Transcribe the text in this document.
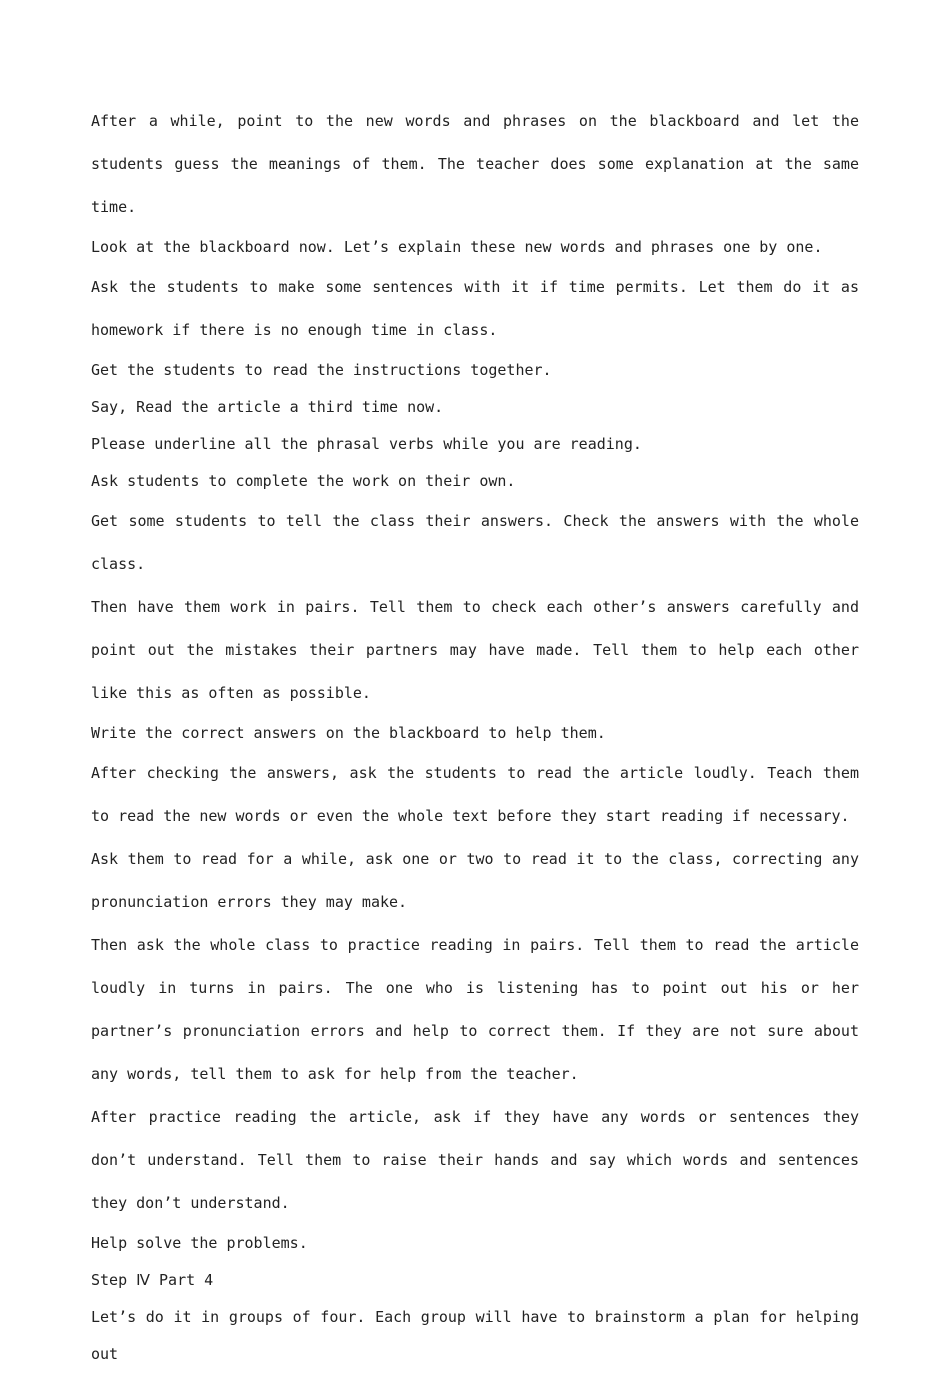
After a while, point to the new words and phrases on the blackboard and let the students guess the meanings of them. The teacher does some explanation at the same time.

Look at the blackboard now. Let’s explain these new words and phrases one by one.

Ask the students to make some sentences with it if time permits. Let them do it as homework if there is no enough time in class.

Get the students to read the instructions together.

Say, Read the article a third time now.

Please underline all the phrasal verbs while you are reading.

Ask students to complete the work on their own.

Get some students to tell the class their answers. Check the answers with the whole class.

Then have them work in pairs. Tell them to check each other’s answers carefully and point out the mistakes their partners may have made. Tell them to help each other like this as often as possible.

Write the correct answers on the blackboard to help them.

After checking the answers, ask the students to read the article loudly. Teach them to read the new words or even the whole text before they start reading if necessary.

Ask them to read for a while, ask one or two to read it to the class, correcting any pronunciation errors they may make.

Then ask the whole class to practice reading in pairs. Tell them to read the article loudly in turns in pairs. The one who is listening has to point out his or her partner’s pronunciation errors and help to correct them. If they are not sure about any words, tell them to ask for help from the teacher.

After practice reading the article, ask if they have any words or sentences they don’t understand. Tell them to raise their hands and say which words and sentences they don’t understand.

Help solve the problems.

Step Ⅳ Part 4

Let’s do it in groups of four. Each group will have to brainstorm a plan for helping out
